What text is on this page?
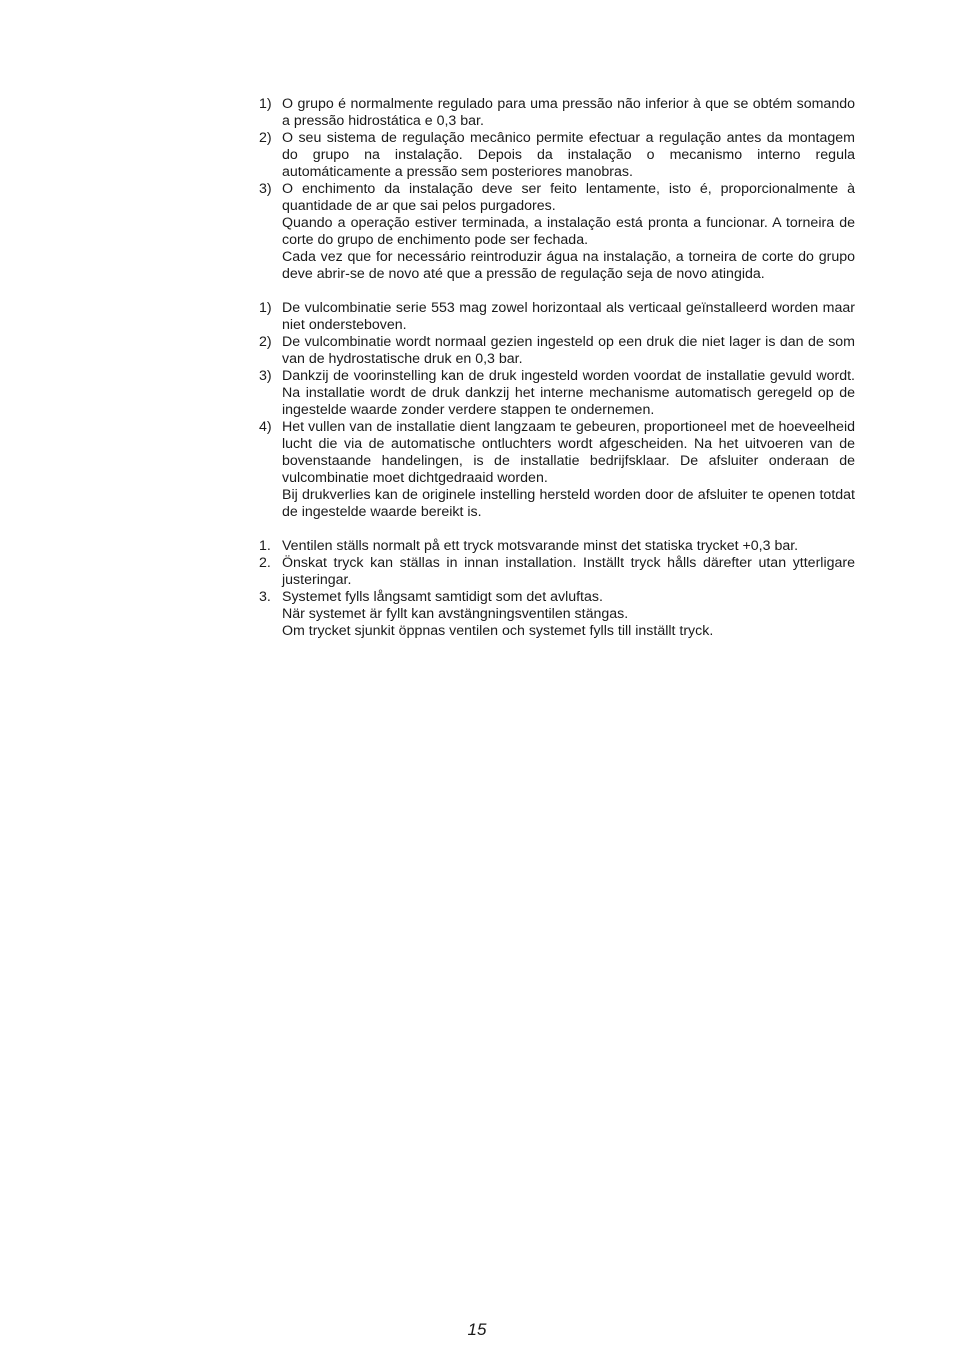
1) O grupo é normalmente regulado para uma pressão não inferior à que se obtém somando a pressão hidrostática e 0,3 bar.
2) O seu sistema de regulação mecânico permite efectuar a regulação antes da montagem do grupo na instalação. Depois da instalação o mecanismo interno regula automáticamente a pressão sem posteriores manobras.
3) O enchimento da instalação deve ser feito lentamente, isto é, proporcionalmente à quantidade de ar que sai pelos purgadores.
Quando a operação estiver terminada, a instalação está pronta a funcionar. A torneira de corte do grupo de enchimento pode ser fechada.
Cada vez que for necessário reintroduzir água na instalação, a torneira de corte do grupo deve abrir-se de novo até que a pressão de regulação seja de novo atingida.
1) De vulcombinatie serie 553 mag zowel horizontaal als verticaal geïnstalleerd worden maar niet ondersteboven.
2) De vulcombinatie wordt normaal gezien ingesteld op een druk die niet lager is dan de som van de hydrostatische druk en 0,3 bar.
3) Dankzij de voorinstelling kan de druk ingesteld worden voordat de installatie gevuld wordt. Na installatie wordt de druk dankzij het interne mechanisme automatisch geregeld op de ingestelde waarde zonder verdere stappen te ondernemen.
4) Het vullen van de installatie dient langzaam te gebeuren, proportioneel met de hoeveelheid lucht die via de automatische ontluchters wordt afgescheiden. Na het uitvoeren van de bovenstaande handelingen, is de installatie bedrijfsklaar. De afsluiter onderaan de vulcombinatie moet dichtgedraaid worden.
Bij drukverlies kan de originele instelling hersteld worden door de afsluiter te openen totdat de ingestelde waarde bereikt is.
1. Ventilen ställs normalt på ett tryck motsvarande minst det statiska trycket +0,3 bar.
2. Önskat tryck kan ställas in innan installation. Inställt tryck hålls därefter utan ytterligare justeringar.
3. Systemet fylls långsamt samtidigt som det avluftas.
När systemet är fyllt kan avstängningsventilen stängas.
Om trycket sjunkit öppnas ventilen och systemet fylls till inställt tryck.
15
